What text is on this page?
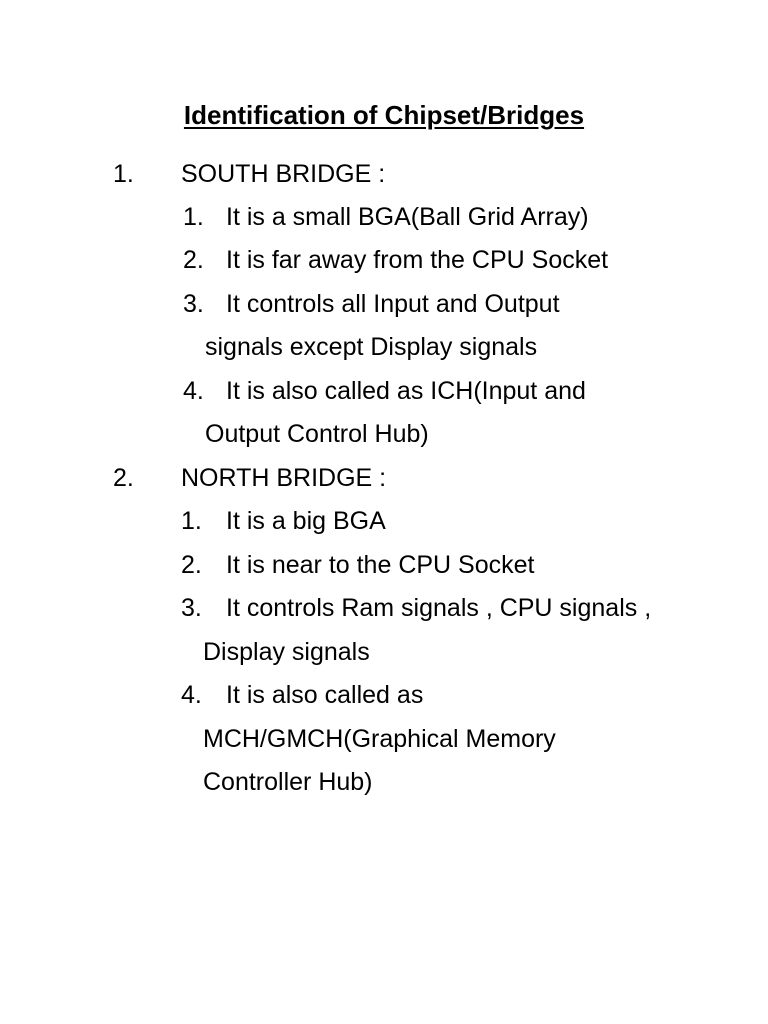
Identification of Chipset/Bridges
1. SOUTH BRIDGE :
1. It is a small BGA(Ball Grid Array)
2. It is far away from the CPU Socket
3. It controls all Input and Output
signals except Display signals
4. It is also called as ICH(Input and
Output Control Hub)
2. NORTH BRIDGE :
1. It is a big BGA
2. It is near to the CPU Socket
3. It controls Ram signals , CPU signals ,
Display signals
4. It is also called as
MCH/GMCH(Graphical Memory
Controller Hub)
